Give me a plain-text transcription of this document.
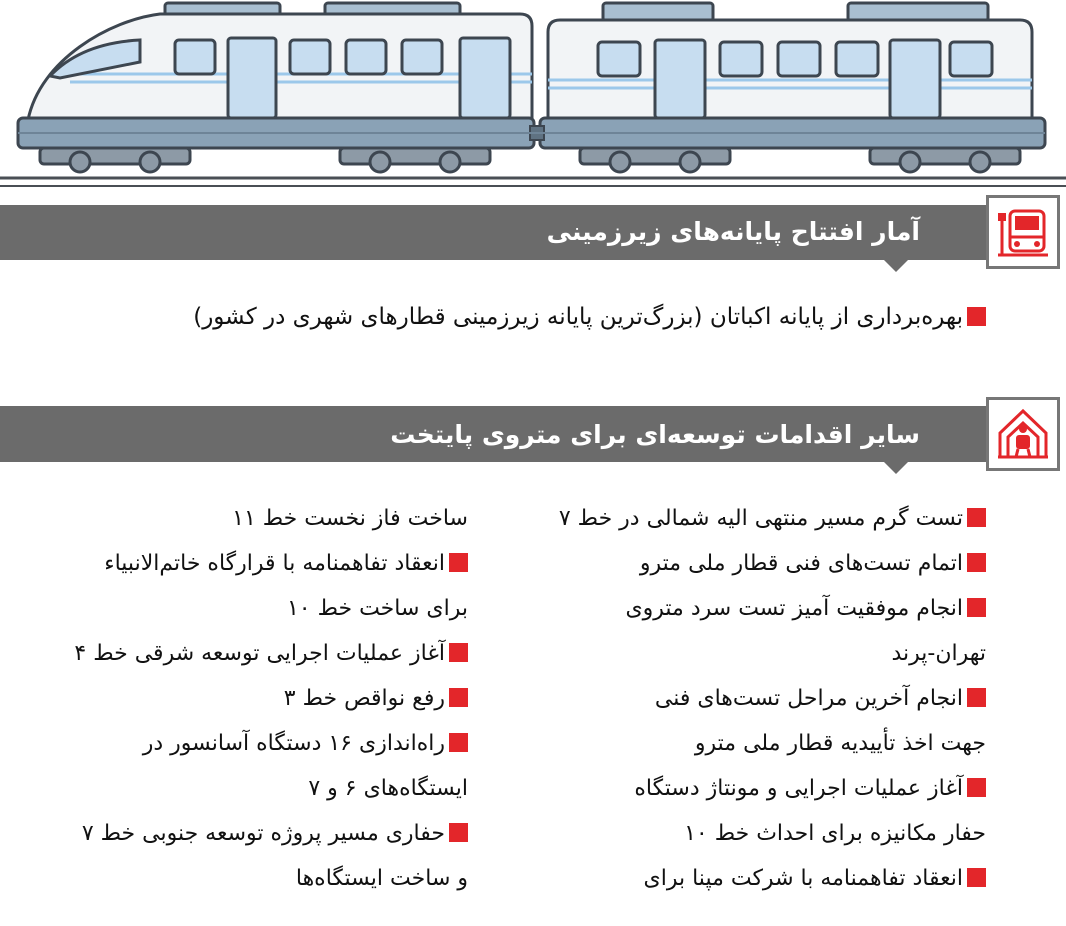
آمار افتتاح پایانه‌های زیرزمینی
بهره‌برداری از پایانه اکباتان (بزرگ‌ترین پایانه زیرزمینی قطارهای شهری در کشور)
سایر اقدامات توسعه‌ای برای متروی پایتخت
تست گرم مسیر منتهی الیه شمالی در خط ۷
اتمام تست‌های فنی قطار ملی مترو
انجام موفقیت آمیز تست سرد متروی
تهران-پرند
انجام آخرین مراحل تست‌های فنی
جهت اخذ تأییدیه قطار ملی مترو
آغاز عملیات اجرایی و مونتاژ دستگاه
حفار مکانیزه برای احداث خط ۱۰
انعقاد تفاهمنامه با شرکت مپنا برای
ساخت فاز نخست خط ۱۱
انعقاد تفاهمنامه با قرارگاه خاتم‌الانبیاء
برای ساخت خط ۱۰
آغاز عملیات اجرایی توسعه شرقی خط ۴
رفع نواقص خط ۳
راه‌اندازی ۱۶ دستگاه آسانسور در
ایستگاه‌های ۶ و ۷
حفاری مسیر پروژه توسعه جنوبی خط ۷
و ساخت ایستگاه‌ها
